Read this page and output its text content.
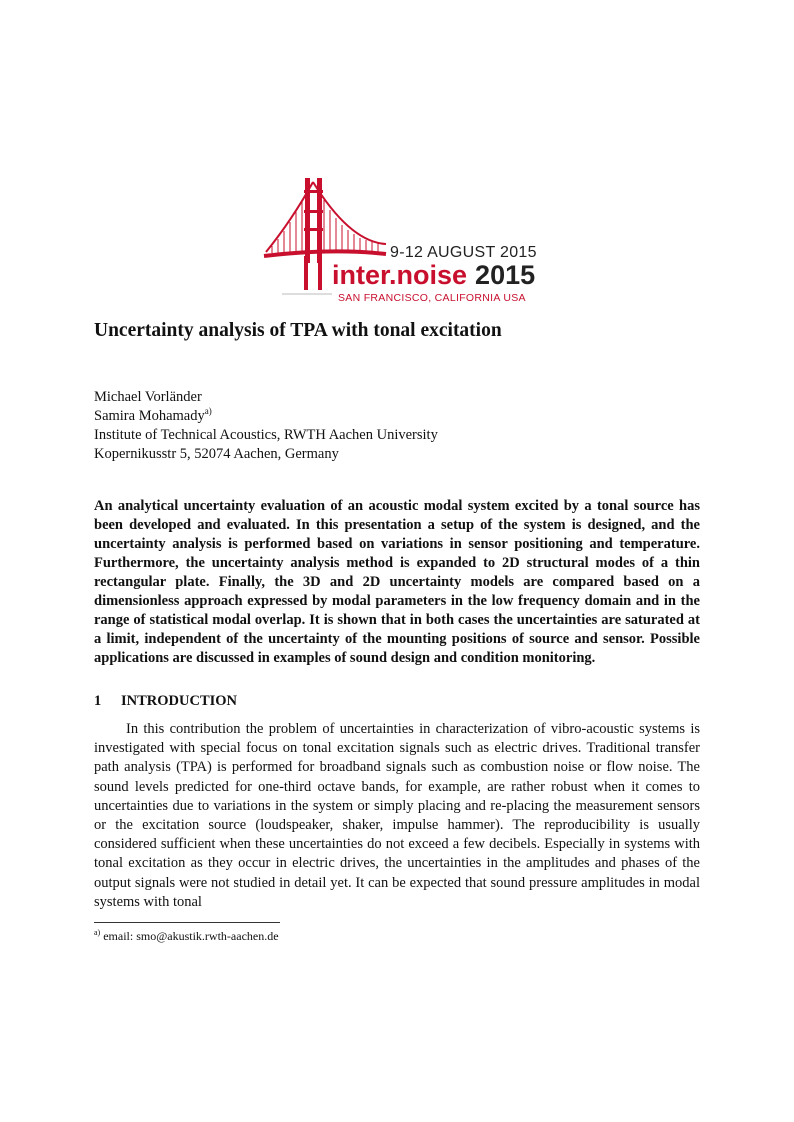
9-12 AUGUST 2015
inter.noise 2015
SAN FRANCISCO, CALIFORNIA USA
Uncertainty analysis of TPA with tonal excitation
Michael Vorländer
Samira Mohamady$^{a)}$
Institute of Technical Acoustics, RWTH Aachen University
Kopernikusstr 5, 52074 Aachen, Germany

An analytical uncertainty evaluation of an acoustic modal system excited by a tonal source has been developed and evaluated. In this presentation a setup of the system is designed, and the uncertainty analysis is performed based on variations in sensor positioning and temperature. Furthermore, the uncertainty analysis method is expanded to 2D structural modes of a thin rectangular plate. Finally, the 3D and 2D uncertainty models are compared based on a dimensionless approach expressed by modal parameters in the low frequency domain and in the range of statistical modal overlap. It is shown that in both cases the uncertainties are saturated at a limit, independent of the uncertainty of the mounting positions of source and sensor. Possible applications are discussed in examples of sound design and condition monitoring.

1 INTRODUCTION

In this contribution the problem of uncertainties in characterization of vibro-acoustic systems is investigated with special focus on tonal excitation signals such as electric drives. Traditional transfer path analysis (TPA) is performed for broadband signals such as combustion noise or flow noise. The sound levels predicted for one-third octave bands, for example, are rather robust when it comes to uncertainties due to variations in the system or simply placing and re-placing the measurement sensors or the excitation source (loudspeaker, shaker, impulse hammer). The reproducibility is usually considered sufficient when these uncertainties do not exceed a few decibels. Especially in systems with tonal excitation as they occur in electric drives, the uncertainties in the amplitudes and phases of the output signals were not studied in detail yet. It can be expected that sound pressure amplitudes in modal systems with tonal

$^{a)}$ email: smo@akustik.rwth-aachen.de
